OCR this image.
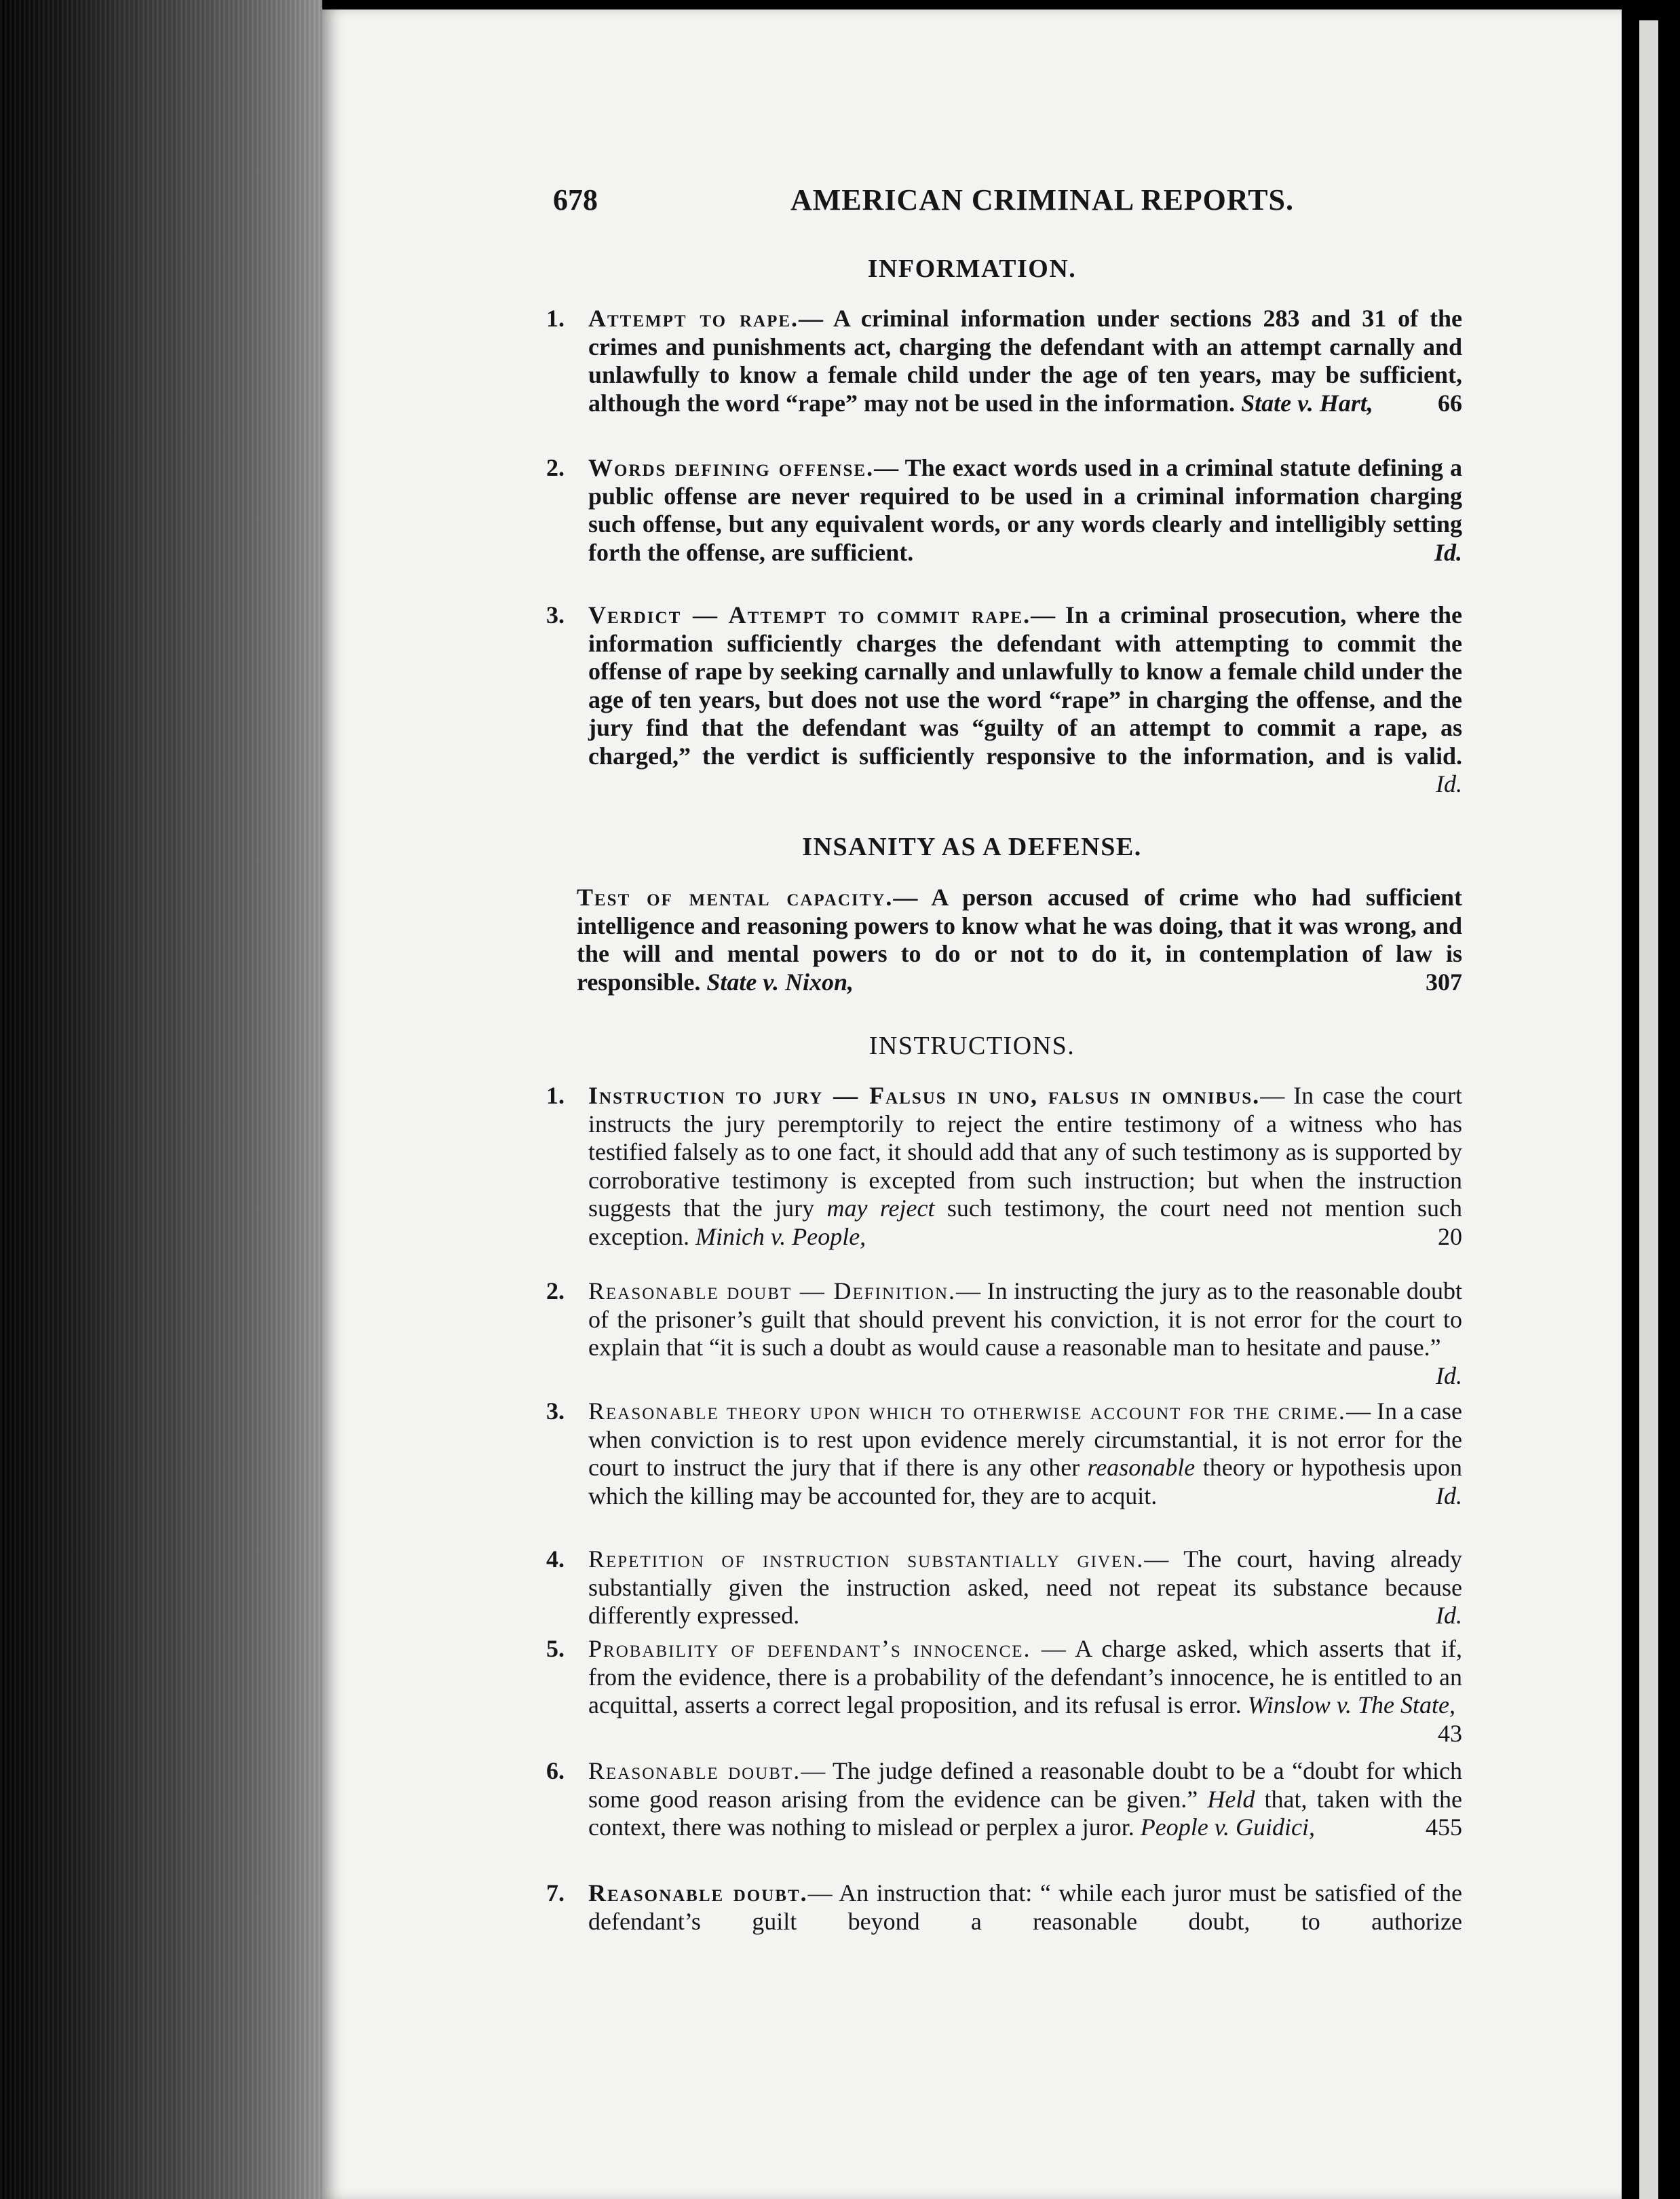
678	AMERICAN CRIMINAL REPORTS.
INFORMATION.
1. Attempt to rape.— A criminal information under sections 283 and 31 of the crimes and punishments act, charging the defendant with an attempt carnally and unlawfully to know a female child under the age of ten years, may be sufficient, although the word “rape” may not be used in the information. State v. Hart,	66
2. Words defining offense.— The exact words used in a criminal statute defining a public offense are never required to be used in a criminal information charging such offense, but any equivalent words, or any words clearly and intelligibly setting forth the offense, are sufficient.	Id.
3. Verdict — Attempt to commit rape.— In a criminal prosecution, where the information sufficiently charges the defendant with attempting to commit the offense of rape by seeking carnally and unlawfully to know a female child under the age of ten years, but does not use the word “rape” in charging the offense, and the jury find that the defendant was “guilty of an attempt to commit a rape, as charged,” the verdict is sufficiently responsive to the information, and is valid.
Id.
INSANITY AS A DEFENSE.
Test of mental capacity.— A person accused of crime who had sufficient intelligence and reasoning powers to know what he was doing, that it was wrong, and the will and mental powers to do or not to do it, in contemplation of law is responsible. State v. Nixon,	307
INSTRUCTIONS.
1. Instruction to jury — Falsus in uno, falsus in omnibus.— In case the court instructs the jury peremptorily to reject the entire testimony of a witness who has testified falsely as to one fact, it should add that any of such testimony as is supported by corroborative testimony is excepted from such instruction; but when the instruction suggests that the jury may reject such testimony, the court need not mention such exception. Minich v. People,	20
2. Reasonable doubt — Definition.— In instructing the jury as to the reasonable doubt of the prisoner’s guilt that should prevent his conviction, it is not error for the court to explain that “it is such a doubt as would cause a reasonable man to hesitate and pause.”
Id.
3. Reasonable theory upon which to otherwise account for the crime.— In a case when conviction is to rest upon evidence merely circumstantial, it is not error for the court to instruct the jury that if there is any other reasonable theory or hypothesis upon which the killing may be accounted for, they are to acquit.	Id.
4. Repetition of instruction substantially given.— The court, having already substantially given the instruction asked, need not repeat its substance because differently expressed.	Id.
5. Probability of defendant’s innocence. — A charge asked, which asserts that if, from the evidence, there is a probability of the defendant’s innocence, he is entitled to an acquittal, asserts a correct legal proposition, and its refusal is error. Winslow v. The State,
43
6. Reasonable doubt.— The judge defined a reasonable doubt to be a “doubt for which some good reason arising from the evidence can be given.” Held that, taken with the context, there was nothing to mislead or perplex a juror. People v. Guidici,	455
7. Reasonable doubt.— An instruction that: “ while each juror must be satisfied of the defendant’s guilt beyond a reasonable doubt, to authorize
